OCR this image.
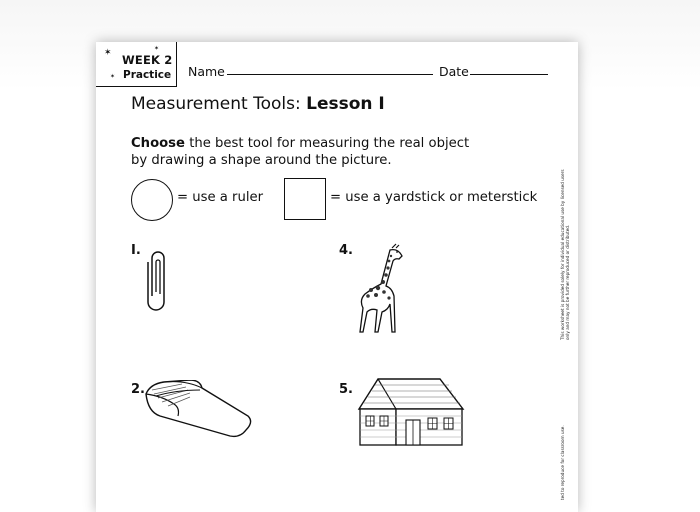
✶	✶
✶
WEEK 2
Practice Name	Date
Measurement Tools: Lesson I
Choose the best tool for measuring the real object
by drawing a shape around the picture.
= use a ruler	= use a yardstick or meterstick
I.	4.
2.	5.
This worksheet is provided solely for individual educational use by licensed users only and may not be further reproduced or distributed.
ted to reproduce for classroom use.
